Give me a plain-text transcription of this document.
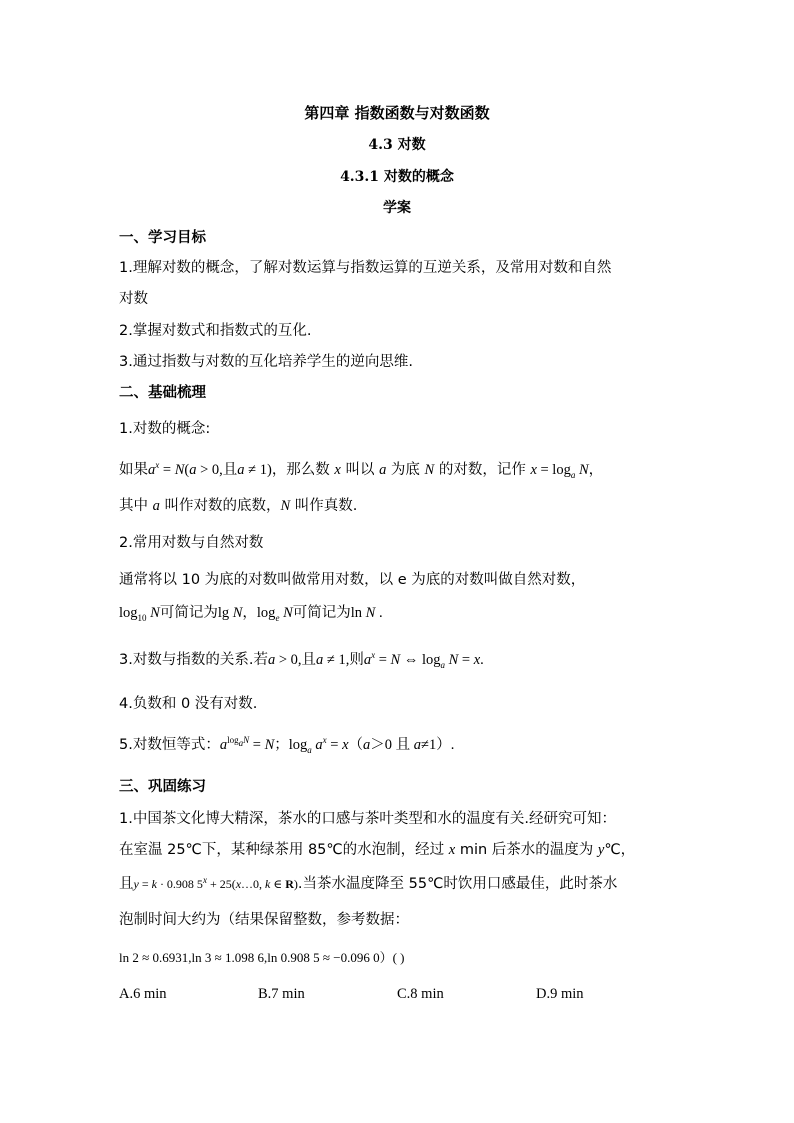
第四章 指数函数与对数函数
4.3 对数
4.3.1 对数的概念
学案
一、学习目标
1.理解对数的概念，了解对数运算与指数运算的互逆关系，及常用对数和自然
对数
2.掌握对数式和指数式的互化.
3.通过指数与对数的互化培养学生的逆向思维.
二、基础梳理
1.对数的概念:
如果$a^x = N(a > 0$,且a ≠ 1)，那么数 x 叫以 a 为底 N 的对数，记作 $x = \log_a N$，
其中 a 叫作对数的底数，N 叫作真数.
2.常用对数与自然对数
通常将以 10 为底的对数叫做常用对数，以 e 为底的对数叫做自然对数，
$\log_{10} N$可简记为lg N，$\log_e N$可简记为ln N .
3.对数与指数的关系.若a > 0,且a ≠ 1,则$a^x = N$ ⇔ $\log_a N = x$.
4.负数和 0 没有对数.
5.对数恒等式：$a^{log_aN} = N$；$\log_a a^x = x(a>0$ 且 a≠1）.
三、巩固练习
1.中国茶文化博大精深，茶水的口感与茶叶类型和水的温度有关.经研究可知：
在室温 25℃下，某种绿茶用 85℃的水泡制，经过 x min 后茶水的温度为 y℃，
且y = k · 0.908 $5^x$ + 25(x…0, k ∈ R).当茶水温度降至 55℃时饮用口感最佳，此时茶水
泡制时间大约为（结果保留整数，参考数据：
ln 2 ≈ 0.6931,ln 3 ≈ 1.098 6,ln 0.908 5 ≈ −0.096 0）( )
A.6 min	B.7 min	C.8 min	D.9 min
